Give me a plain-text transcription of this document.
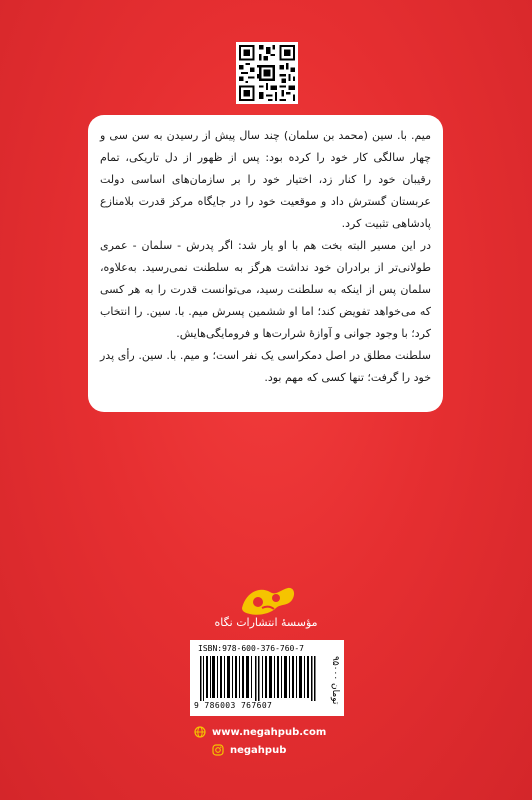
میم. با. سین (محمد بن سلمان) چند سال پیش از رسیدن به سن سی و چهار سالگی کار خود را کرده بود: پس از ظهور از دل تاریکی، تمام رقیبان خود را کنار زد، اختیار خود را بر سازمان‌های اساسی دولت عربستان گسترش داد و موقعیت خود را در جایگاه مرکز قدرت بلامنازع پادشاهی تثبیت کرد.

در این مسیر البته بخت هم با او یار شد: اگر پدرش - سلمان - عمری طولانی‌تر از برادران خود نداشت هرگز به سلطنت نمی‌رسید. به‌علاوه، سلمان پس از اینکه به سلطنت رسید، می‌توانست قدرت را به هر کسی که می‌خواهد تفویض کند؛ اما او ششمین پسرش میم. با. سین. را انتخاب کرد؛ با وجود جوانی و آوازهٔ شرارت‌ها و فرومایگی‌هایش.

سلطنت مطلق در اصل دمکراسی یک نفر است؛ و میم. با. سین. رأی پدر خود را گرفت؛ تنها کسی که مهم بود.

مؤسسهٔ انتشارات نگاه
ISBN:978-600-376-760-7
9 786003 767607
۹۵۰۰۰ تومان
www.negahpub.com
negahpub
